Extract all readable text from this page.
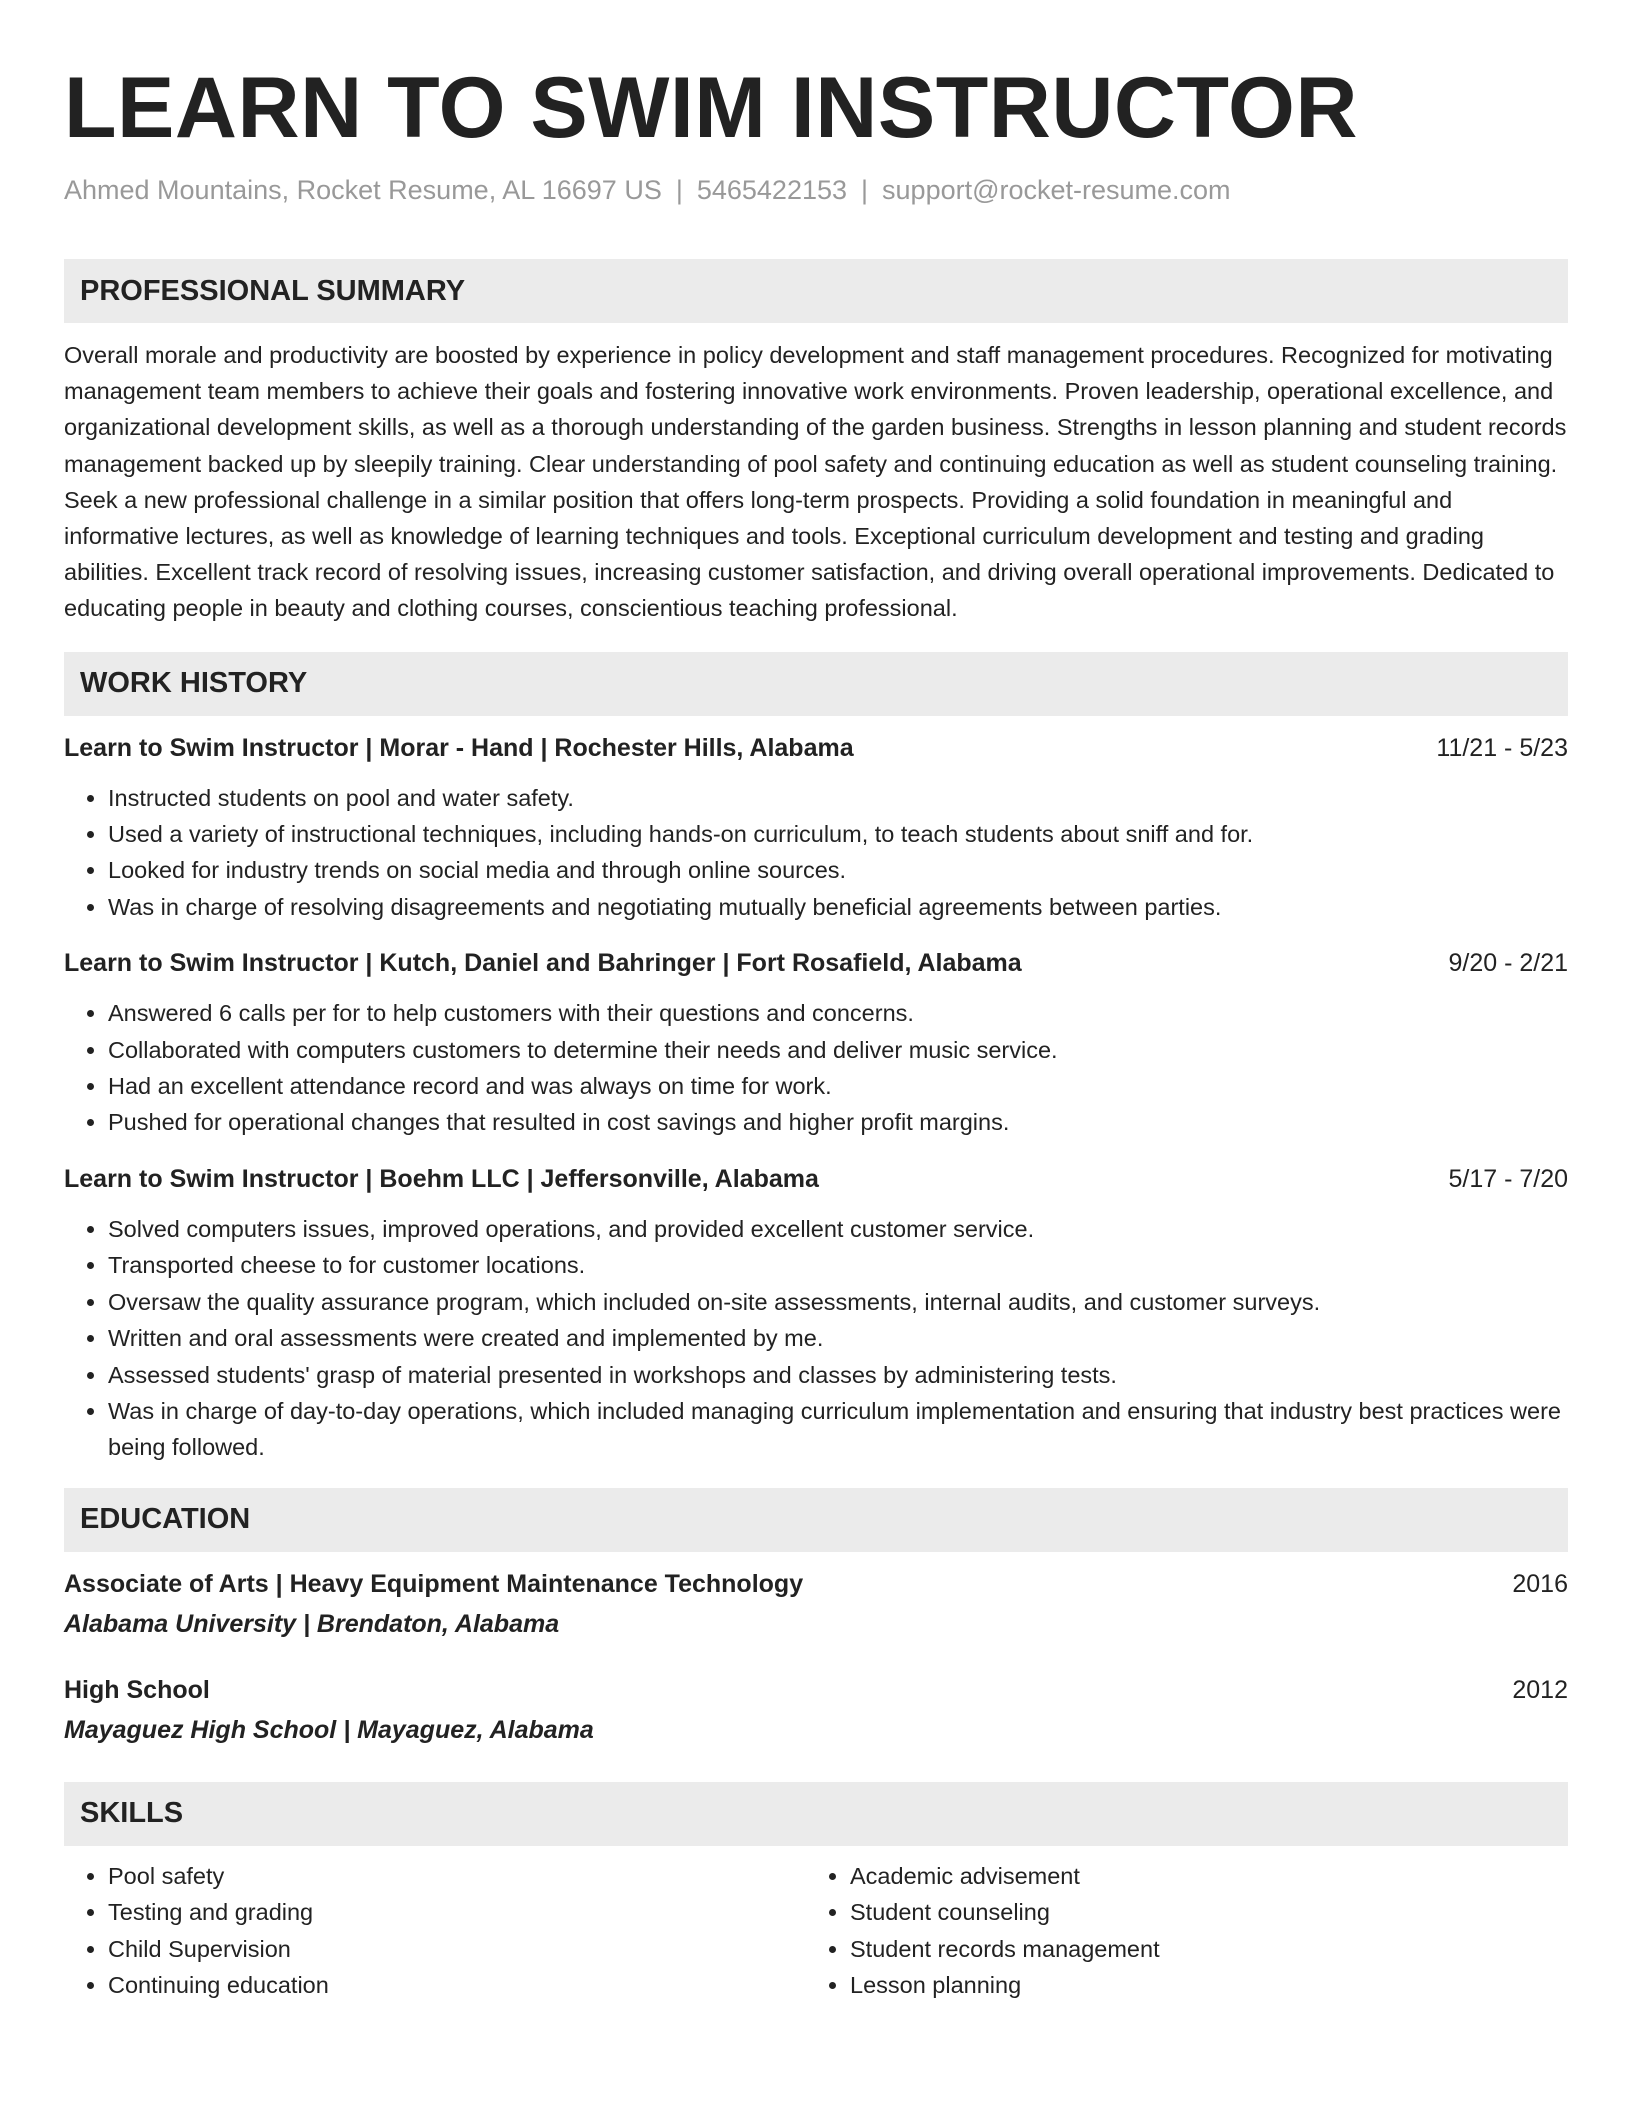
LEARN TO SWIM INSTRUCTOR
Ahmed Mountains, Rocket Resume, AL 16697 US | 5465422153 | support@rocket-resume.com
PROFESSIONAL SUMMARY
Overall morale and productivity are boosted by experience in policy development and staff management procedures. Recognized for motivating management team members to achieve their goals and fostering innovative work environments. Proven leadership, operational excellence, and organizational development skills, as well as a thorough understanding of the garden business. Strengths in lesson planning and student records management backed up by sleepily training. Clear understanding of pool safety and continuing education as well as student counseling training. Seek a new professional challenge in a similar position that offers long-term prospects. Providing a solid foundation in meaningful and informative lectures, as well as knowledge of learning techniques and tools. Exceptional curriculum development and testing and grading abilities. Excellent track record of resolving issues, increasing customer satisfaction, and driving overall operational improvements. Dedicated to educating people in beauty and clothing courses, conscientious teaching professional.
WORK HISTORY
Learn to Swim Instructor | Morar - Hand | Rochester Hills, Alabama	11/21 - 5/23
• Instructed students on pool and water safety.
• Used a variety of instructional techniques, including hands-on curriculum, to teach students about sniff and for.
• Looked for industry trends on social media and through online sources.
• Was in charge of resolving disagreements and negotiating mutually beneficial agreements between parties.
Learn to Swim Instructor | Kutch, Daniel and Bahringer | Fort Rosafield, Alabama	9/20 - 2/21
• Answered 6 calls per for to help customers with their questions and concerns.
• Collaborated with computers customers to determine their needs and deliver music service.
• Had an excellent attendance record and was always on time for work.
• Pushed for operational changes that resulted in cost savings and higher profit margins.
Learn to Swim Instructor | Boehm LLC | Jeffersonville, Alabama	5/17 - 7/20
• Solved computers issues, improved operations, and provided excellent customer service.
• Transported cheese to for customer locations.
• Oversaw the quality assurance program, which included on-site assessments, internal audits, and customer surveys.
• Written and oral assessments were created and implemented by me.
• Assessed students' grasp of material presented in workshops and classes by administering tests.
• Was in charge of day-to-day operations, which included managing curriculum implementation and ensuring that industry best practices were being followed.
EDUCATION
Associate of Arts | Heavy Equipment Maintenance Technology	2016
Alabama University | Brendaton, Alabama
High School	2012
Mayaguez High School | Mayaguez, Alabama
SKILLS
• Pool safety
• Testing and grading
• Child Supervision
• Continuing education
• Academic advisement
• Student counseling
• Student records management
• Lesson planning
